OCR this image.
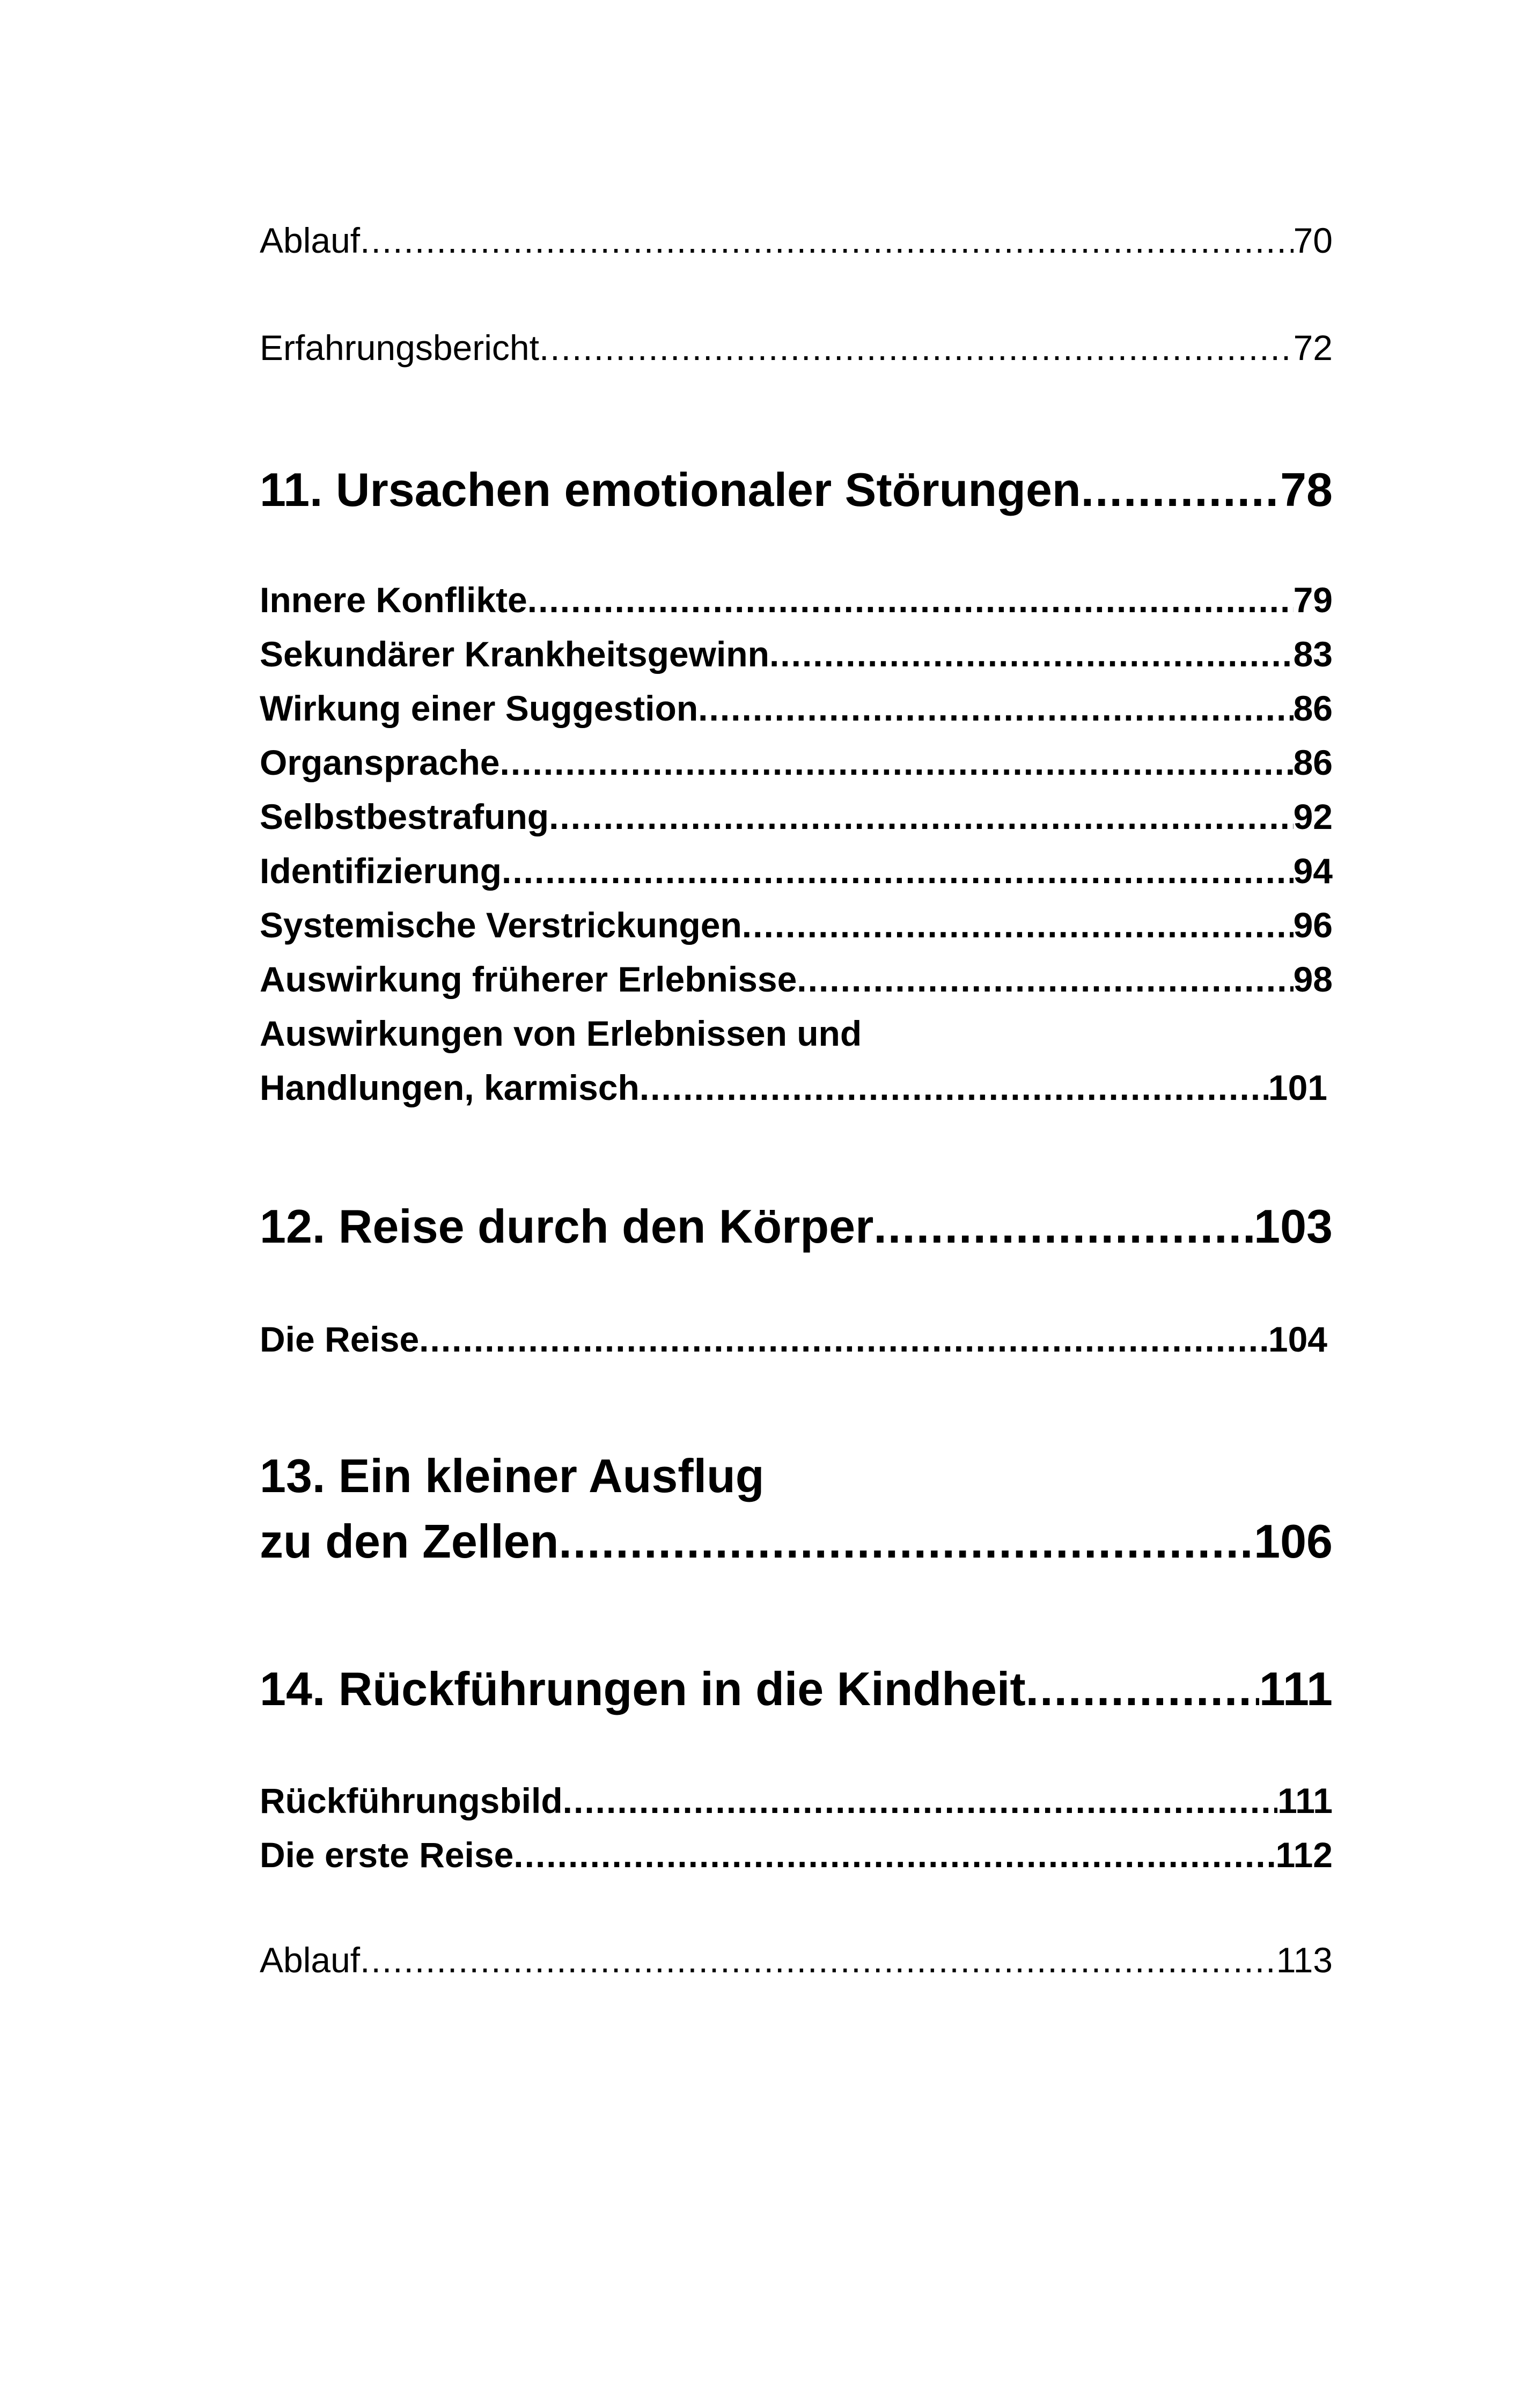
Ablauf .....	70
Erfahrungsbericht .....	72
11. Ursachen emotionaler Störungen .....	78
Innere Konflikte .....	79
Sekundärer Krankheitsgewinn .....	83
Wirkung einer Suggestion .....	86
Organsprache .....	86
Selbstbestrafung .....	92
Identifizierung .....	94
Systemische Verstrickungen .....	96
Auswirkung früherer Erlebnisse .....	98
Auswirkungen von Erlebnissen und
Handlungen, karmisch .....	101
12. Reise durch den Körper .....	103
Die Reise .....	104
13. Ein kleiner Ausflug
zu den Zellen .....	106
14. Rückführungen in die Kindheit .....	111
Rückführungsbild .....	111
Die erste Reise .....	112
Ablauf .....	113
